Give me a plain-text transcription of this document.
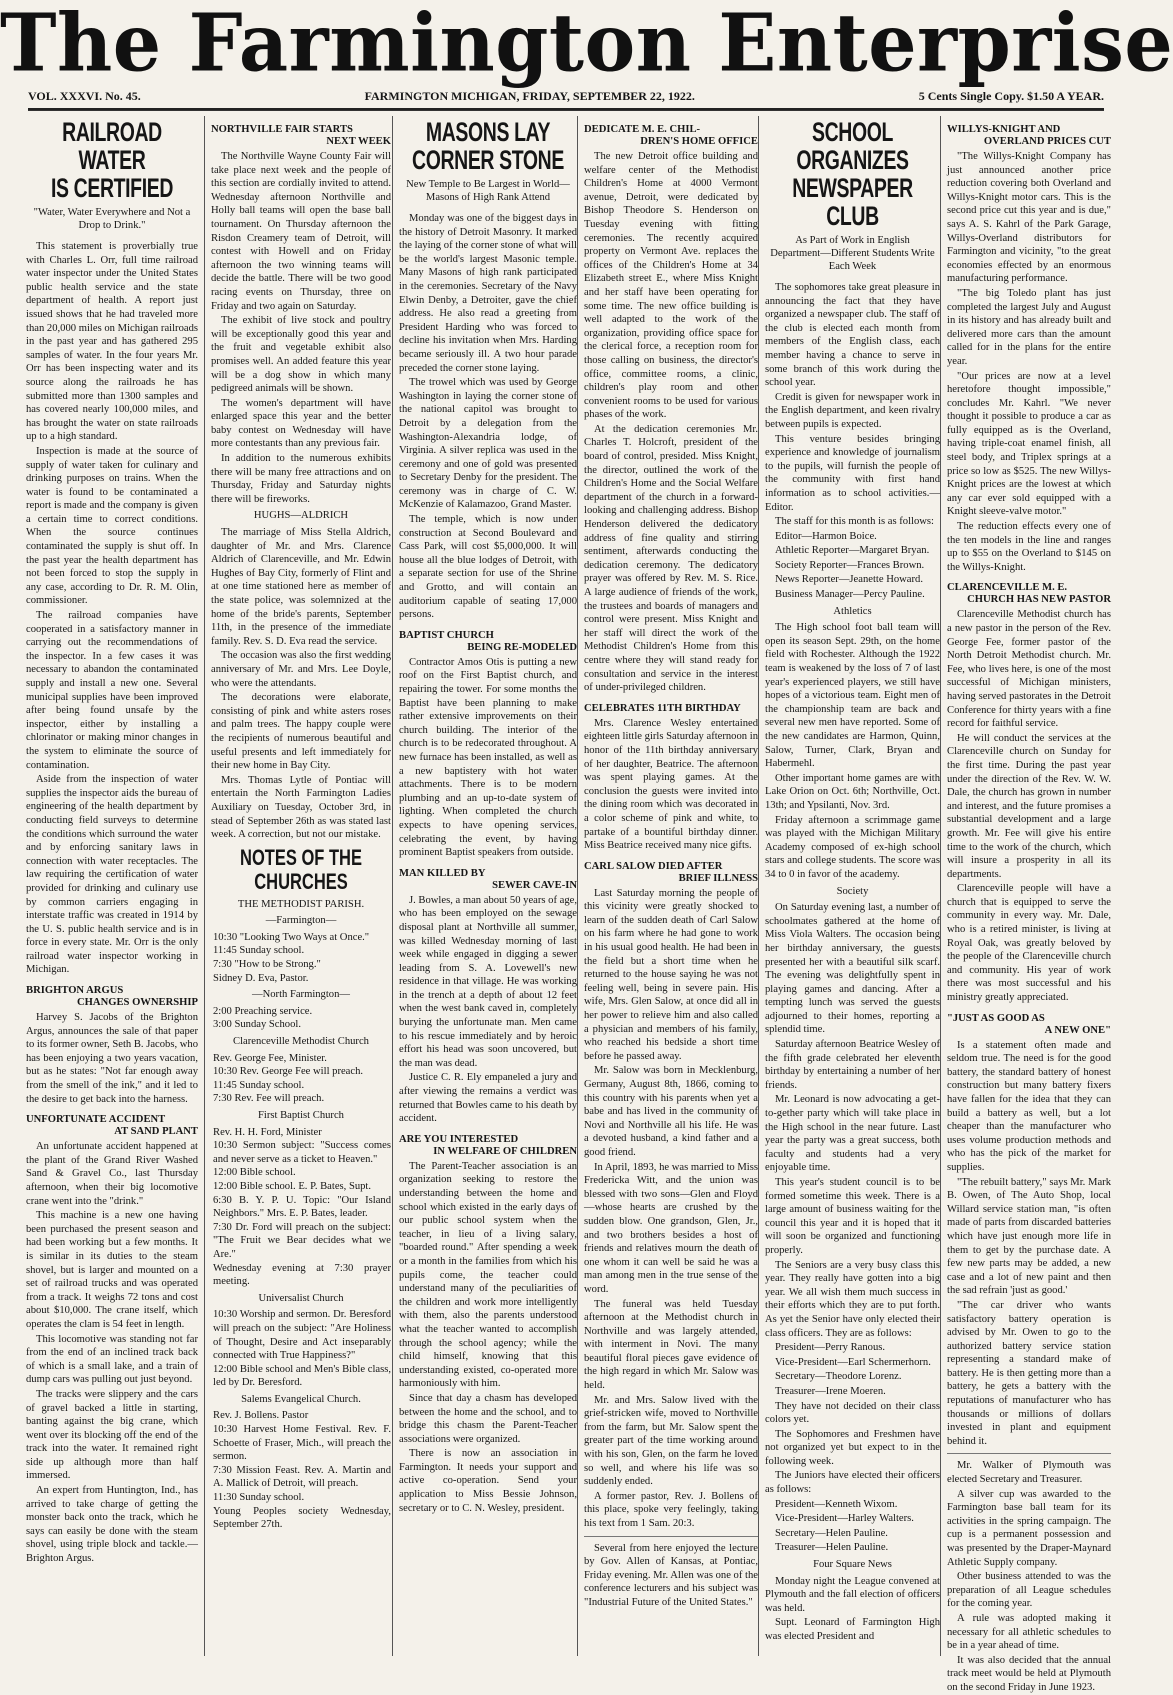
The Farmington Enterprise
VOL. XXXVI. No. 45.	FARMINGTON MICHIGAN, FRIDAY, SEPTEMBER 22, 1922.	5 Cents Single Copy. $1.50 A YEAR.
RAILROAD WATER
IS CERTIFIED
"Water, Water Everywhere and Not a Drop to Drink."

This statement is proverbially true with Charles L. Orr, full time railroad water inspector under the United States public health service and the state department of health. A report just issued shows that he had traveled more than 20,000 miles on Michigan railroads in the past year and has gathered 295 samples of water. In the four years Mr. Orr has been inspecting water and its source along the railroads he has submitted more than 1300 samples and has covered nearly 100,000 miles, and has brought the water on state railroads up to a high standard.

Inspection is made at the source of supply of water taken for culinary and drinking purposes on trains. When the water is found to be contaminated a report is made and the company is given a certain time to correct conditions. When the source continues contaminated the supply is shut off. In the past year the health department has not been forced to stop the supply in any case, according to Dr. R. M. Olin, commissioner.

The railroad companies have cooperated in a satisfactory manner in carrying out the recommendations of the inspector. In a few cases it was necessary to abandon the contaminated supply and install a new one. Several municipal supplies have been improved after being found unsafe by the inspector, either by installing a chlorinator or making minor changes in the system to eliminate the source of contamination.

Aside from the inspection of water supplies the inspector aids the bureau of engineering of the health department by conducting field surveys to determine the conditions which surround the water and by enforcing sanitary laws in connection with water receptacles. The law requiring the certification of water provided for drinking and culinary use by common carriers engaging in interstate traffic was created in 1914 by the U. S. public health service and is in force in every state. Mr. Orr is the only railroad water inspector working in Michigan.

BRIGHTON ARGUS
CHANGES OWNERSHIP

Harvey S. Jacobs of the Brighton Argus, announces the sale of that paper to its former owner, Seth B. Jacobs, who has been enjoying a two years vacation, but as he states: "Not far enough away from the smell of the ink," and it led to the desire to get back into the harness.

UNFORTUNATE ACCIDENT
AT SAND PLANT

An unfortunate accident happened at the plant of the Grand River Washed Sand & Gravel Co., last Thursday afternoon, when their big locomotive crane went into the "drink."

This machine is a new one having been purchased the present season and had been working but a few months. It is similar in its duties to the steam shovel, but is larger and mounted on a set of railroad trucks and was operated from a track. It weighs 72 tons and cost about $10,000. The crane itself, which operates the clam is 54 feet in length.

This locomotive was standing not far from the end of an inclined track back of which is a small lake, and a train of dump cars was pulling out just beyond.

The tracks were slippery and the cars of gravel backed a little in starting, banting against the big crane, which went over its blocking off the end of the track into the water. It remained right side up although more than half immersed.

An expert from Huntington, Ind., has arrived to take charge of getting the monster back onto the track, which he says can easily be done with the steam shovel, using triple block and tackle.—Brighton Argus.

NORTHVILLE FAIR STARTS
NEXT WEEK

The Northville Wayne County Fair will take place next week and the people of this section are cordially invited to attend. Wednesday afternoon Northville and Holly ball teams will open the base ball tournament. On Thursday afternoon the Risdon Creamery team of Detroit, will contest with Howell and on Friday afternoon the two winning teams will decide the battle. There will be two good racing events on Thursday, three on Friday and two again on Saturday.

The exhibit of live stock and poultry will be exceptionally good this year and the fruit and vegetable exhibit also promises well. An added feature this year will be a dog show in which many pedigreed animals will be shown.

The women's department will have enlarged space this year and the better baby contest on Wednesday will have more contestants than any previous fair.

In addition to the numerous exhibits there will be many free attractions and on Thursday, Friday and Saturday nights there will be fireworks.

HUGHS—ALDRICH

The marriage of Miss Stella Aldrich, daughter of Mr. and Mrs. Clarence Aldrich of Clarenceville, and Mr. Edwin Hughes of Bay City, formerly of Flint and at one time stationed here as member of the state police, was solemnized at the home of the bride's parents, September 11th, in the presence of the immediate family. Rev. S. D. Eva read the service.

The occasion was also the first wedding anniversary of Mr. and Mrs. Lee Doyle, who were the attendants.

The decorations were elaborate, consisting of pink and white asters roses and palm trees. The happy couple were the recipients of numerous beautiful and useful presents and left immediately for their new home in Bay City.

Mrs. Thomas Lytle of Pontiac will entertain the North Farmington Ladies Auxiliary on Tuesday, October 3rd, in stead of September 26th as was stated last week. A correction, but not our mistake.

NOTES OF THE CHURCHES
THE METHODIST PARISH.
—Farmington—

10:30 "Looking Two Ways at Once."

11:45 Sunday school.

7:30 "How to be Strong."

Sidney D. Eva, Pastor.

—North Farmington—

2:00 Preaching service.

3:00 Sunday School.

Clarenceville Methodist Church

Rev. George Fee, Minister.

10:30 Rev. George Fee will preach.

11:45 Sunday school.

7:30 Rev. Fee will preach.

First Baptist Church

Rev. H. H. Ford, Minister

10:30 Sermon subject: "Success comes and never serve as a ticket to Heaven."

12:00 Bible school.

12:00 Bible school. E. P. Bates, Supt.

6:30 B. Y. P. U. Topic: "Our Island Neighbors." Mrs. E. P. Bates, leader.

7:30 Dr. Ford will preach on the subject: "The Fruit we Bear decides what we Are."

Wednesday evening at 7:30 prayer meeting.

Universalist Church

10:30 Worship and sermon. Dr. Beresford will preach on the subject: "Are Holiness of Thought, Desire and Act inseparably connected with True Happiness?"

12:00 Bible school and Men's Bible class, led by Dr. Beresford.

Salems Evangelical Church.

Rev. J. Bollens. Pastor

10:30 Harvest Home Festival. Rev. F. Schoette of Fraser, Mich., will preach the sermon.

7:30 Mission Feast. Rev. A. Martin and A. Mallick of Detroit, will preach.

11:30 Sunday school.

Young Peoples society Wednesday, September 27th.

MASONS LAY
CORNER STONE
New Temple to Be Largest in World—Masons of High Rank Attend

Monday was one of the biggest days in the history of Detroit Masonry. It marked the laying of the corner stone of what will be the world's largest Masonic temple. Many Masons of high rank participated in the ceremonies. Secretary of the Navy Elwin Denby, a Detroiter, gave the chief address. He also read a greeting from President Harding who was forced to decline his invitation when Mrs. Harding became seriously ill. A two hour parade preceded the corner stone laying.

The trowel which was used by George Washington in laying the corner stone of the national capitol was brought to Detroit by a delegation from the Washington-Alexandria lodge, of Virginia. A silver replica was used in the ceremony and one of gold was presented to Secretary Denby for the president. The ceremony was in charge of C. W. McKenzie of Kalamazoo, Grand Master.

The temple, which is now under construction at Second Boulevard and Cass Park, will cost $5,000,000. It will house all the blue lodges of Detroit, with a separate section for use of the Shrine and Grotto, and will contain an auditorium capable of seating 17,000 persons.

BAPTIST CHURCH
BEING RE-MODELED

Contractor Amos Otis is putting a new roof on the First Baptist church, and repairing the tower. For some months the Baptist have been planning to make rather extensive improvements on their church building. The interior of the church is to be redecorated throughout. A new furnace has been installed, as well as a new baptistery with hot water attachments. There is to be modern plumbing and an up-to-date system of lighting. When completed the church expects to have opening services, celebrating the event, by having prominent Baptist speakers from outside.

MAN KILLED BY
SEWER CAVE-IN

J. Bowles, a man about 50 years of age, who has been employed on the sewage disposal plant at Northville all summer, was killed Wednesday morning of last week while engaged in digging a sewer leading from S. A. Lovewell's new residence in that village. He was working in the trench at a depth of about 12 feet when the west bank caved in, completely burying the unfortunate man. Men came to his rescue immediately and by heroic effort his head was soon uncovered, but the man was dead.

Justice C. R. Ely empaneled a jury and after viewing the remains a verdict was returned that Bowles came to his death by accident.

ARE YOU INTERESTED
IN WELFARE OF CHILDREN

The Parent-Teacher association is an organization seeking to restore the understanding between the home and school which existed in the early days of our public school system when the teacher, in lieu of a living salary, "boarded round." After spending a week or a month in the families from which his pupils come, the teacher could understand many of the peculiarities of the children and work more intelligently with them, also the parents understood what the teacher wanted to accomplish through the school agency; while the child himself, knowing that this understanding existed, co-operated more harmoniously with him.

Since that day a chasm has developed between the home and the school, and to bridge this chasm the Parent-Teacher associations were organized.

There is now an association in Farmington. It needs your support and active co-operation. Send your application to Miss Bessie Johnson, secretary or to C. N. Wesley, president.

DEDICATE M. E. CHIL-
DREN'S HOME OFFICE

The new Detroit office building and welfare center of the Methodist Children's Home at 4000 Vermont avenue, Detroit, were dedicated by Bishop Theodore S. Henderson on Tuesday evening with fitting ceremonies. The recently acquired property on Vermont Ave. replaces the offices of the Children's Home at 34 Elizabeth street E., where Miss Knight and her staff have been operating for some time. The new office building is well adapted to the work of the organization, providing office space for the clerical force, a reception room for those calling on business, the director's office, committee rooms, a clinic, children's play room and other convenient rooms to be used for various phases of the work.

At the dedication ceremonies Mr. Charles T. Holcroft, president of the board of control, presided. Miss Knight, the director, outlined the work of the Children's Home and the Social Welfare department of the church in a forward-looking and challenging address. Bishop Henderson delivered the dedicatory address of fine quality and stirring sentiment, afterwards conducting the dedication ceremony. The dedicatory prayer was offered by Rev. M. S. Rice. A large audience of friends of the work, the trustees and boards of managers and control were present. Miss Knight and her staff will direct the work of the Methodist Children's Home from this centre where they will stand ready for consultation and service in the interest of under-privileged children.

CELEBRATES 11TH BIRTHDAY

Mrs. Clarence Wesley entertained eighteen little girls Saturday afternoon in honor of the 11th birthday anniversary of her daughter, Beatrice. The afternoon was spent playing games. At the conclusion the guests were invited into the dining room which was decorated in a color scheme of pink and white, to partake of a bountiful birthday dinner. Miss Beatrice received many nice gifts.

CARL SALOW DIED AFTER
BRIEF ILLNESS

Last Saturday morning the people of this vicinity were greatly shocked to learn of the sudden death of Carl Salow on his farm where he had gone to work in his usual good health. He had been in the field but a short time when he returned to the house saying he was not feeling well, being in severe pain. His wife, Mrs. Glen Salow, at once did all in her power to relieve him and also called a physician and members of his family, who reached his bedside a short time before he passed away.

Mr. Salow was born in Mecklenburg, Germany, August 8th, 1866, coming to this country with his parents when yet a babe and has lived in the community of Novi and Northville all his life. He was a devoted husband, a kind father and a good friend.

In April, 1893, he was married to Miss Fredericka Witt, and the union was blessed with two sons—Glen and Floyd—whose hearts are crushed by the sudden blow. One grandson, Glen, Jr., and two brothers besides a host of friends and relatives mourn the death of one whom it can well be said he was a man among men in the true sense of the word.

The funeral was held Tuesday afternoon at the Methodist church in Northville and was largely attended, with interment in Novi. The many beautiful floral pieces gave evidence of the high regard in which Mr. Salow was held.

Mr. and Mrs. Salow lived with the grief-stricken wife, moved to Northville from the farm, but Mr. Salow spent the greater part of the time working around with his son, Glen, on the farm he loved so well, and where his life was so suddenly ended.

A former pastor, Rev. J. Bollens of this place, spoke very feelingly, taking his text from 1 Sam. 20:3.

Several from here enjoyed the lecture by Gov. Allen of Kansas, at Pontiac, Friday evening. Mr. Allen was one of the conference lecturers and his subject was "Industrial Future of the United States."

SCHOOL ORGANIZES
NEWSPAPER CLUB
As Part of Work in English Department—Different Students Write Each Week

The sophomores take great pleasure in announcing the fact that they have organized a newspaper club. The staff of the club is elected each month from members of the English class, each member having a chance to serve in some branch of this work during the school year.

Credit is given for newspaper work in the English department, and keen rivalry between pupils is expected.

This venture besides bringing experience and knowledge of journalism to the pupils, will furnish the people of the community with first hand information as to school activities.—Editor.

The staff for this month is as follows:

Editor—Harmon Boice.

Athletic Reporter—Margaret Bryan.

Society Reporter—Frances Brown.

News Reporter—Jeanette Howard.

Business Manager—Percy Pauline.

Athletics

The High school foot ball team will open its season Sept. 29th, on the home field with Rochester. Although the 1922 team is weakened by the loss of 7 of last year's experienced players, we still have hopes of a victorious team. Eight men of the championship team are back and several new men have reported. Some of the new candidates are Harmon, Quinn, Salow, Turner, Clark, Bryan and Habermehl.

Other important home games are with Lake Orion on Oct. 6th; Northville, Oct. 13th; and Ypsilanti, Nov. 3rd.

Friday afternoon a scrimmage game was played with the Michigan Military Academy composed of ex-high school stars and college students. The score was 34 to 0 in favor of the academy.

Society

On Saturday evening last, a number of schoolmates gathered at the home of Miss Viola Walters. The occasion being her birthday anniversary, the guests presented her with a beautiful silk scarf. The evening was delightfully spent in playing games and dancing. After a tempting lunch was served the guests adjourned to their homes, reporting a splendid time.

Saturday afternoon Beatrice Wesley of the fifth grade celebrated her eleventh birthday by entertaining a number of her friends.

Mr. Leonard is now advocating a get-to-gether party which will take place in the High school in the near future. Last year the party was a great success, both faculty and students had a very enjoyable time.

This year's student council is to be formed sometime this week. There is a large amount of business waiting for the council this year and it is hoped that it will soon be organized and functioning properly.

The Seniors are a very busy class this year. They really have gotten into a big year. We all wish them much success in their efforts which they are to put forth. As yet the Senior have only elected their class officers. They are as follows:

President—Perry Ranous.

Vice-President—Earl Schermerhorn.

Secretary—Theodore Lorenz.

Treasurer—Irene Moeren.

They have not decided on their class colors yet.

The Sophomores and Freshmen have not organized yet but expect to in the following week.

The Juniors have elected their officers as follows:

President—Kenneth Wixom.

Vice-President—Harley Walters.

Secretary—Helen Pauline.

Treasurer—Helen Pauline.

Four Square News

Monday night the League convened at Plymouth and the fall election of officers was held.

Supt. Leonard of Farmington High was elected President and

WILLYS-KNIGHT AND
OVERLAND PRICES CUT

"The Willys-Knight Company has just announced another price reduction covering both Overland and Willys-Knight motor cars. This is the second price cut this year and is due," says A. S. Kahrl of the Park Garage, Willys-Overland distributors for Farmington and vicinity, "to the great economies effected by an enormous manufacturing performance.

"The big Toledo plant has just completed the largest July and August in its history and has already built and delivered more cars than the amount called for in the plans for the entire year.

"Our prices are now at a level heretofore thought impossible," concludes Mr. Kahrl. "We never thought it possible to produce a car as fully equipped as is the Overland, having triple-coat enamel finish, all steel body, and Triplex springs at a price so low as $525. The new Willys-Knight prices are the lowest at which any car ever sold equipped with a Knight sleeve-valve motor."

The reduction effects every one of the ten models in the line and ranges up to $55 on the Overland to $145 on the Willys-Knight.

CLARENCEVILLE M. E.
CHURCH HAS NEW PASTOR

Clarenceville Methodist church has a new pastor in the person of the Rev. George Fee, former pastor of the North Detroit Methodist church. Mr. Fee, who lives here, is one of the most successful of Michigan ministers, having served pastorates in the Detroit Conference for thirty years with a fine record for faithful service.

He will conduct the services at the Clarenceville church on Sunday for the first time. During the past year under the direction of the Rev. W. W. Dale, the church has grown in number and interest, and the future promises a substantial development and a large growth. Mr. Fee will give his entire time to the work of the church, which will insure a prosperity in all its departments.

Clarenceville people will have a church that is equipped to serve the community in every way. Mr. Dale, who is a retired minister, is living at Royal Oak, was greatly beloved by the people of the Clarenceville church and community. His year of work there was most successful and his ministry greatly appreciated.

"JUST AS GOOD AS
A NEW ONE"

Is a statement often made and seldom true. The need is for the good battery, the standard battery of honest construction but many battery fixers have fallen for the idea that they can build a battery as well, but a lot cheaper than the manufacturer who uses volume production methods and who has the pick of the market for supplies.

"The rebuilt battery," says Mr. Mark B. Owen, of The Auto Shop, local Willard service station man, "is often made of parts from discarded batteries which have just enough more life in them to get by the purchase date. A few new parts may be added, a new case and a lot of new paint and then the sad refrain 'just as good.'

"The car driver who wants satisfactory battery operation is advised by Mr. Owen to go to the authorized battery service station representing a standard make of battery. He is then getting more than a battery, he gets a battery with the reputations of manufacturer who has thousands or millions of dollars invested in plant and equipment behind it.

Mr. Walker of Plymouth was elected Secretary and Treasurer.

A silver cup was awarded to the Farmington base ball team for its activities in the spring campaign. The cup is a permanent possession and was presented by the Draper-Maynard Athletic Supply company.

Other business attended to was the preparation of all League schedules for the coming year.

A rule was adopted making it necessary for all athletic schedules to be in a year ahead of time.

It was also decided that the annual track meet would be held at Plymouth on the second Friday in June 1923.
